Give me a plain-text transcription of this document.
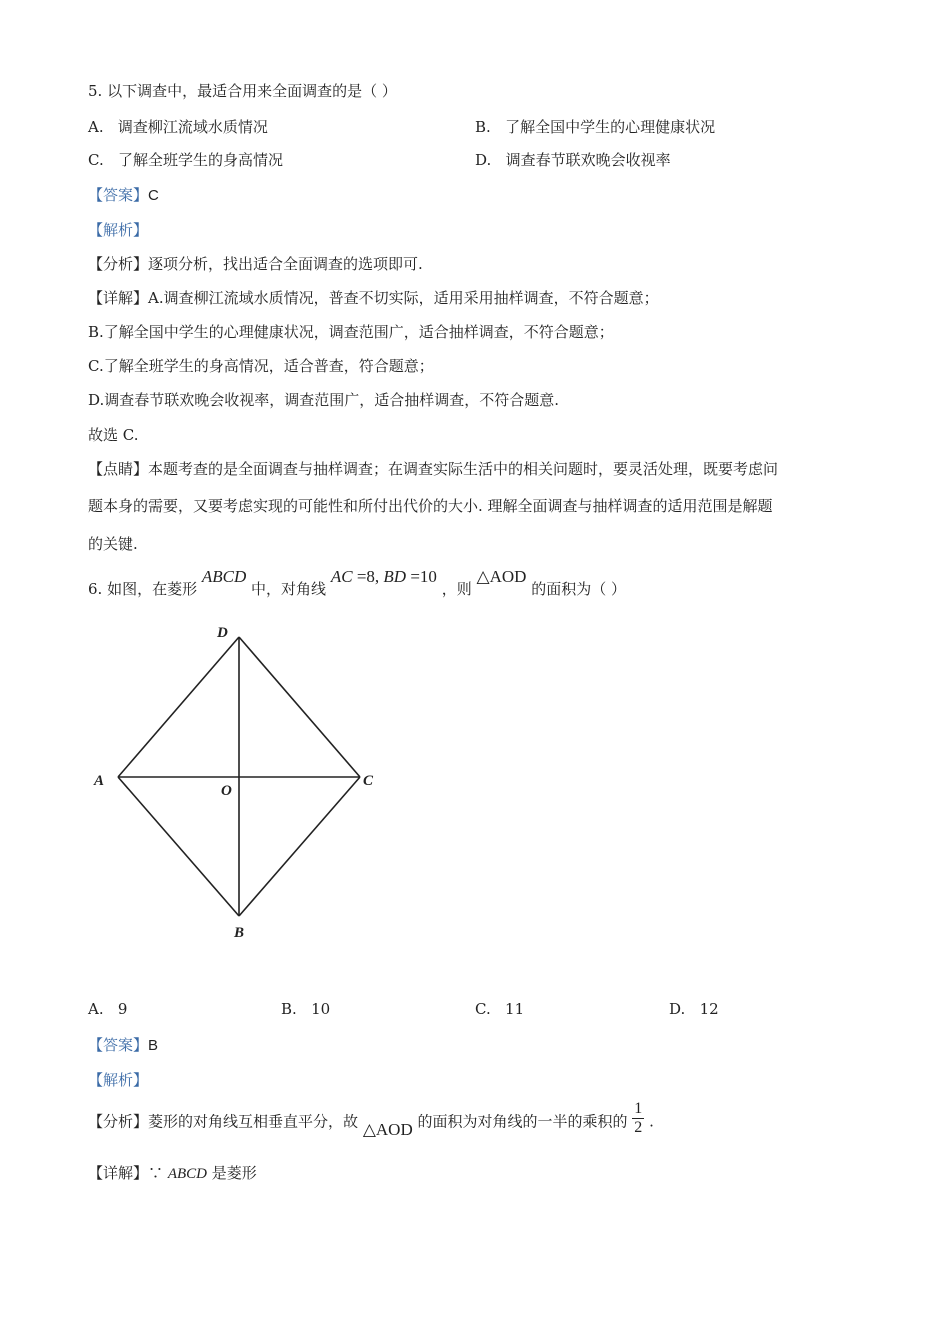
5. 以下调查中，最适合用来全面调查的是（ ）
A. 调查柳江流域水质情况	B. 了解全国中学生的心理健康状况
C. 了解全班学生的身高情况	D. 调查春节联欢晚会收视率
【答案】C
【解析】
【分析】逐项分析，找出适合全面调查的选项即可.
【详解】A.调查柳江流域水质情况，普查不切实际，适用采用抽样调查，不符合题意；
B.了解全国中学生的心理健康状况，调查范围广，适合抽样调查，不符合题意；
C.了解全班学生的身高情况，适合普查，符合题意；
D.调查春节联欢晚会收视率，调查范围广，适合抽样调查，不符合题意.
故选 C.
【点睛】本题考查的是全面调查与抽样调查；在调查实际生活中的相关问题时，要灵活处理，既要考虑问
题本身的需要，又要考虑实现的可能性和所付出代价的大小. 理解全面调查与抽样调查的适用范围是解题
的关键.
6. 如图，在菱形 ABCD 中，对角线 AC =8, BD =10 ，则 △AOD 的面积为（ ）
D
A
O
C
B
A. 9	B. 10	C. 11	D. 12
【答案】B
【解析】
【分析】菱形的对角线互相垂直平分，故 △AOD 的面积为对角线的一半的乘积的 $\frac{1}{2}$ .
【详解】∵ ABCD 是菱形
